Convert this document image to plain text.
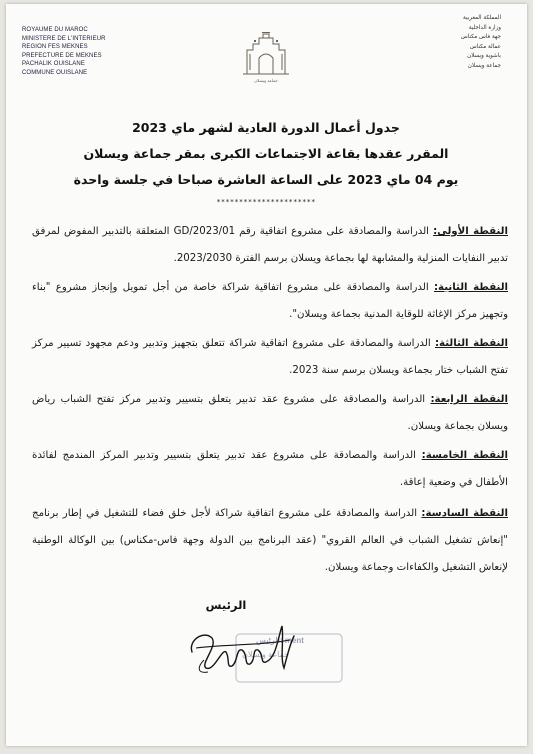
ROYAUME DU MAROC
MINISTERE DE L'INTERIEUR
REGION FES MEKNES
PREFECTURE DE MEKNES
PACHALIK OUISLANE
COMMUNE OUISLANE
جماعة ويسلان
المملكة المغربية
وزارة الداخلية
جهة فاس مكناس
عمالة مكناس
باشوية ويسلان
جماعة ويسلان
جدول أعمال الدورة العادية لشهر ماي 2023
المقرر عقدها بقاعة الاجتماعات الكبرى بمقر جماعة ويسلان
يوم 04 ماي 2023 على الساعة العاشرة صباحا في جلسة واحدة
**********************
النقطة الأولى: الدراسة والمصادقة على مشروع اتفاقية رقم GD/2023/01 المتعلقة بالتدبير المفوض لمرفق تدبير النفايات المنزلية والمشابهة لها بجماعة ويسلان برسم الفترة 2023/2030.
النقطة الثانية: الدراسة والمصادقة على مشروع اتفاقية شراكة خاصة من أجل تمويل وإنجاز مشروع "بناء وتجهيز مركز الإغاثة للوقاية المدنية بجماعة ويسلان".
النقطة الثالثة: الدراسة والمصادقة على مشروع اتفاقية شراكة تتعلق بتجهيز وتدبير ودعم مجهود تسيير مركز تفتح الشباب ختار بجماعة ويسلان برسم سنة 2023.
النقطة الرابعة: الدراسة والمصادقة على مشروع عقد تدبير يتعلق بتسيير وتدبير مركز تفتح الشباب رياض ويسلان بجماعة ويسلان.
النقطة الخامسة: الدراسة والمصادقة على مشروع عقد تدبير يتعلق بتسيير وتدبير المركز المندمج لفائدة الأطفال في وضعية إعاقة.
النقطة السادسة: الدراسة والمصادقة على مشروع اتفاقية شراكة لأجل خلق فضاء للتشغيل في إطار برنامج "إنعاش تشغيل الشباب في العالم القروي" (عقد البرنامج بين الدولة وجهة فاس-مكناس) بين الوكالة الوطنية لإنعاش التشغيل والكفاءات وجماعة ويسلان.
الرئيس
الرئيس: ment
جماعة ويسلان
